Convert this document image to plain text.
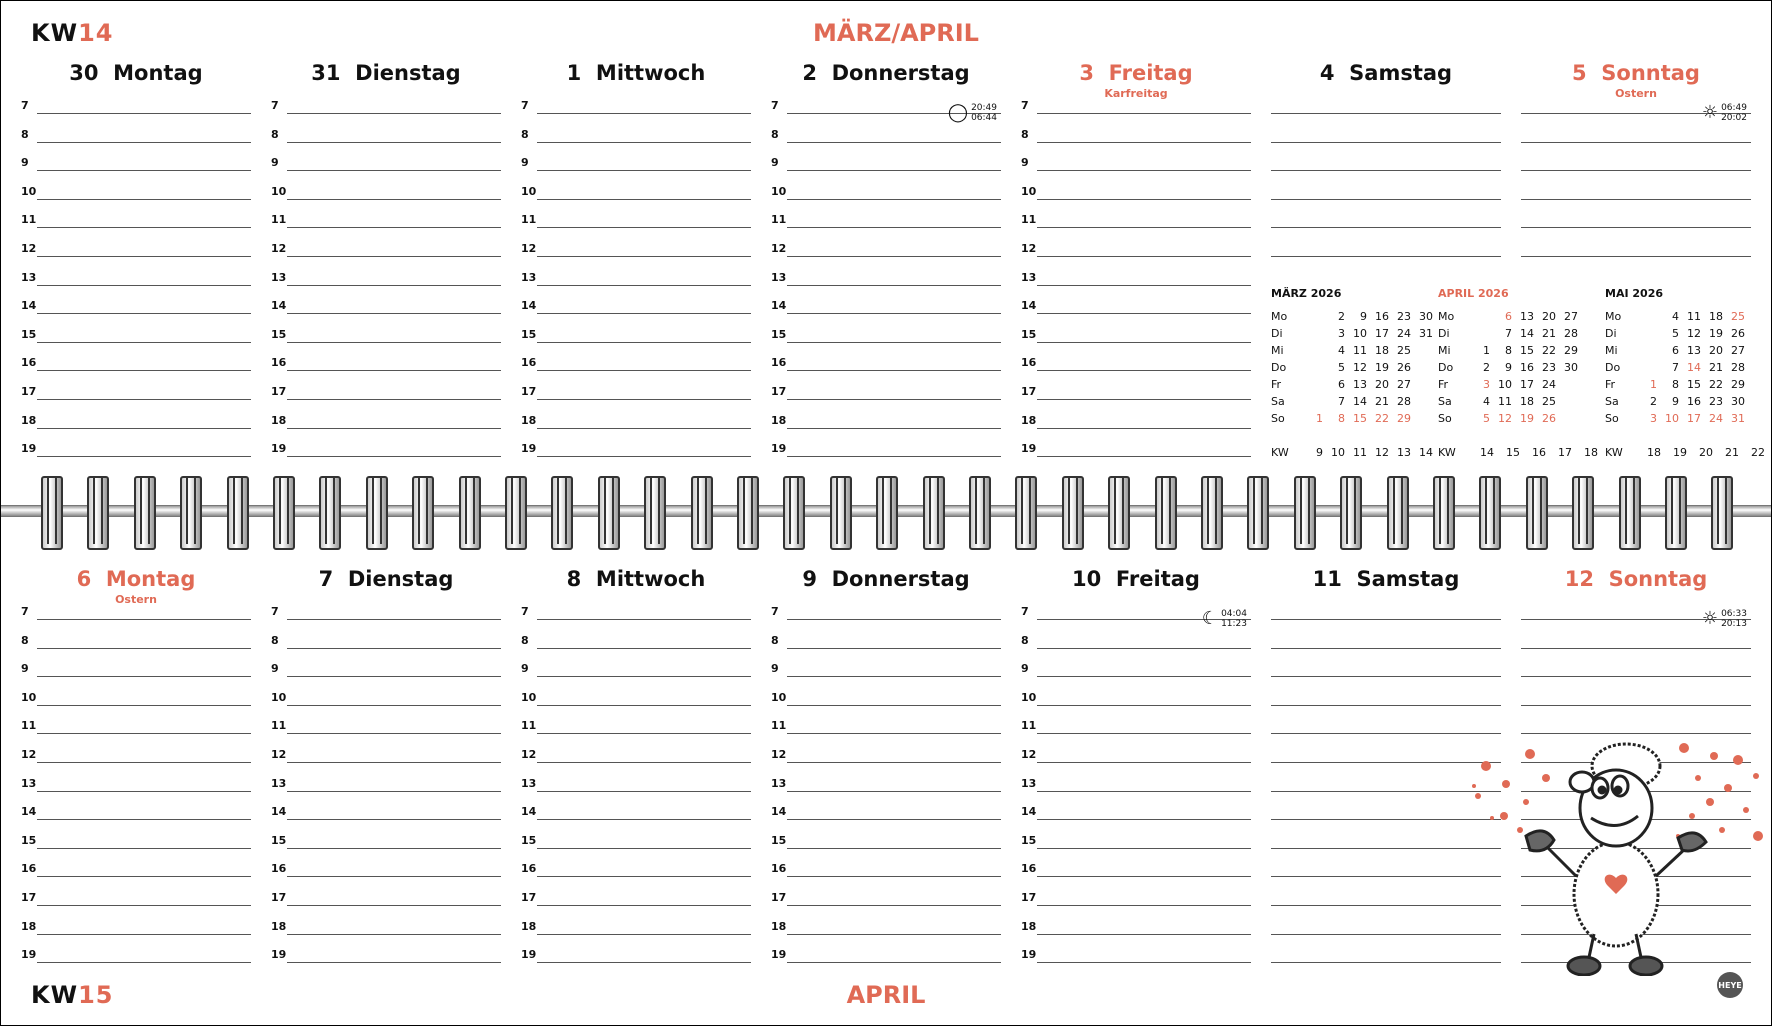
KW14	MÄRZ/APRIL
30 Montag
7
8
9
10
11
12
13
14
15
16
17
18
19
31 Dienstag
7
8
9
10
11
12
13
14
15
16
17
18
19
1 Mittwoch
7
8
9
10
11
12
13
14
15
16
17
18
19
2 Donnerstag
7
8
9
10
11
12
13
14
15
16
17
18
19
◯ 20:49
06:44
3 Freitag
Karfreitag
7
8
9
10
11
12
13
14
15
16
17
18
19
4 Samstag	5 Sonntag
Ostern
☼ 06:49
20:02
MÄRZ 2026
Mo		2	9	16	23	30
Di		3	10	17	24	31
Mi		4	11	18	25	
Do		5	12	19	26	
Fr		6	13	20	27	
Sa		7	14	21	28	
So	1	8	15	22	29	
KW	9 10 11 12 13 14
APRIL 2026
Mo		6	13	20	27
Di		7	14	21	28
Mi	1	8	15	22	29
Do	2	9	16	23	30
Fr	3	10	17	24	
Sa	4	11	18	25	
So	5	12	19	26	
KW	14	15	16	17	18
MAI 2026
Mo		4	11	18	25
Di		5	12	19	26
Mi		6	13	20	27
Do		7	14	21	28
Fr	1	8	15	22	29
Sa	2	9	16	23	30
So	3	10	17	24	31
KW	18	19	20	21	22
6 Montag
Ostern
7
8
9
10
11
12
13
14
15
16
17
18
19
7 Dienstag
7
8
9
10
11
12
13
14
15
16
17
18
19
8 Mittwoch
7
8
9
10
11
12
13
14
15
16
17
18
19
9 Donnerstag
7
8
9
10
11
12
13
14
15
16
17
18
19
10 Freitag
7
8
9
10
11
12
13
14
15
16
17
18
19
☾ 04:04
11:23
11 Samstag	12 Sonntag
☼ 06:33
20:13
KW15	APRIL	HEYE
